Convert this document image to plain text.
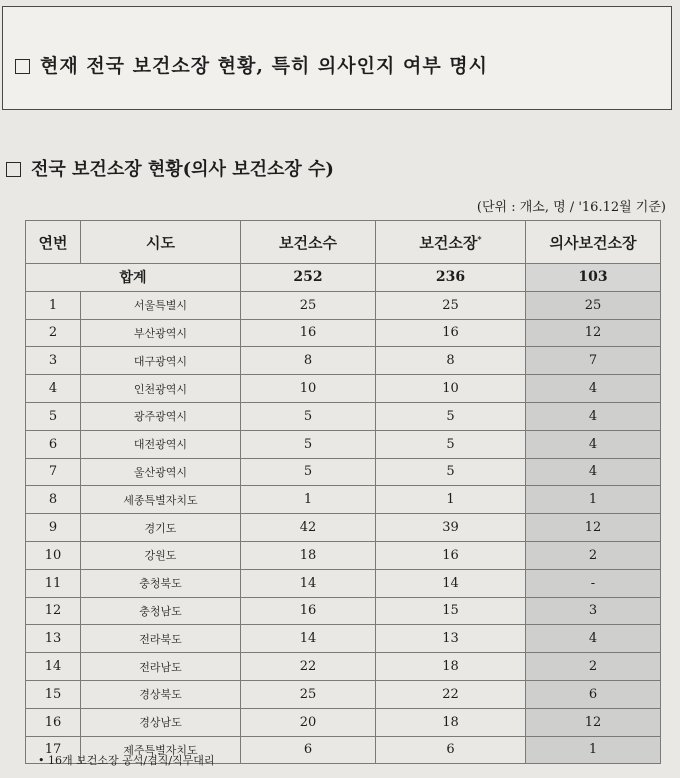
현재 전국 보건소장 현황, 특히 의사인지 여부 명시
전국 보건소장 현황(의사 보건소장 수)
(단위 : 개소, 명 / '16.12월 기준)
연번	시도	보건소수	보건소장*	의사보건소장
합계		252	236	103
1	서울특별시	25	25	25
2	부산광역시	16	16	12
3	대구광역시	8	8	7
4	인천광역시	10	10	4
5	광주광역시	5	5	4
6	대전광역시	5	5	4
7	울산광역시	5	5	4
8	세종특별자치도	1	1	1
9	경기도	42	39	12
10	강원도	18	16	2
11	충청북도	14	14	-
12	충청남도	16	15	3
13	전라북도	14	13	4
14	전라남도	22	18	2
15	경상북도	25	22	6
16	경상남도	20	18	12
17	제주특별자치도	6	6	1
• 16개 보건소장 공석/겸직/직무대리
